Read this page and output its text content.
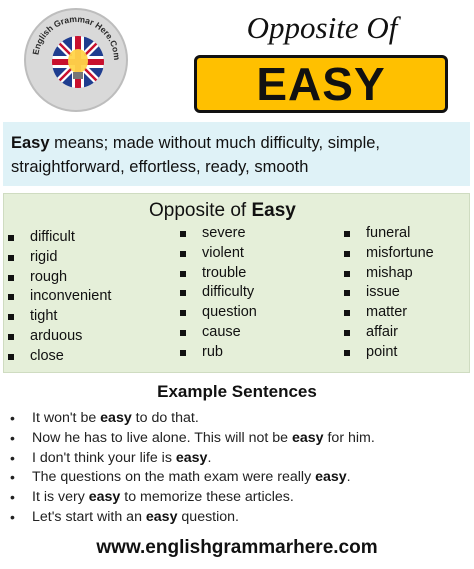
English Grammar Here.Com
Opposite Of
EASY
Easy means; made without much difficulty, simple,
straightforward, effortless, ready, smooth
Opposite of Easy
difficult
rigid
rough
inconvenient
tight
arduous
close
severe
violent
trouble
difficulty
question
cause
rub
funeral
misfortune
mishap
issue
matter
affair
point
Example Sentences
• It won't be easy to do that.
• Now he has to live alone. This will not be easy for him.
• I don't think your life is easy.
• The questions on the math exam were really easy.
• It is very easy to memorize these articles.
• Let's start with an easy question.
www.englishgrammarhere.com
